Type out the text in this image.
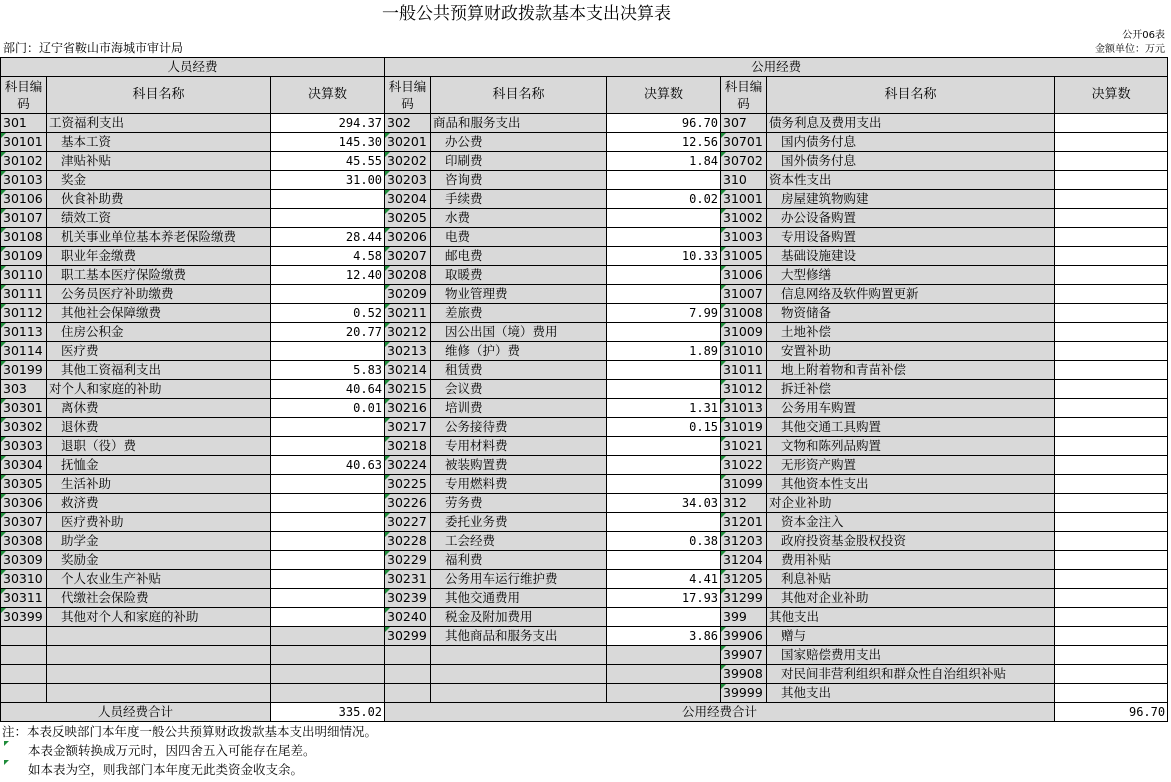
一般公共预算财政拨款基本支出决算表
公开06表
部门：辽宁省鞍山市海城市审计局	金额单位：万元
人员经费			公用经费					
科目编码	科目名称	决算数	科目编码	科目名称	决算数	科目编码	科目名称	决算数
301	工资福利支出	294.37	302	商品和服务支出	96.70	307	债务利息及费用支出	
30101	基本工资	145.30	30201	办公费	12.56	30701	国内债务付息	
30102	津贴补贴	45.55	30202	印刷费	1.84	30702	国外债务付息	
30103	奖金	31.00	30203	咨询费		310	资本性支出	
30106	伙食补助费		30204	手续费	0.02	31001	房屋建筑物购建	
30107	绩效工资		30205	水费		31002	办公设备购置	
30108	机关事业单位基本养老保险缴费	28.44	30206	电费		31003	专用设备购置	
30109	职业年金缴费	4.58	30207	邮电费	10.33	31005	基础设施建设	
30110	职工基本医疗保险缴费	12.40	30208	取暖费		31006	大型修缮	
30111	公务员医疗补助缴费		30209	物业管理费		31007	信息网络及软件购置更新	
30112	其他社会保障缴费	0.52	30211	差旅费	7.99	31008	物资储备	
30113	住房公积金	20.77	30212	因公出国（境）费用		31009	土地补偿	
30114	医疗费		30213	维修（护）费	1.89	31010	安置补助	
30199	其他工资福利支出	5.83	30214	租赁费		31011	地上附着物和青苗补偿	
303	对个人和家庭的补助	40.64	30215	会议费		31012	拆迁补偿	
30301	离休费	0.01	30216	培训费	1.31	31013	公务用车购置	
30302	退休费		30217	公务接待费	0.15	31019	其他交通工具购置	
30303	退职（役）费		30218	专用材料费		31021	文物和陈列品购置	
30304	抚恤金	40.63	30224	被装购置费		31022	无形资产购置	
30305	生活补助		30225	专用燃料费		31099	其他资本性支出	
30306	救济费		30226	劳务费	34.03	312	对企业补助	
30307	医疗费补助		30227	委托业务费		31201	资本金注入	
30308	助学金		30228	工会经费	0.38	31203	政府投资基金股权投资	
30309	奖励金		30229	福利费		31204	费用补贴	
30310	个人农业生产补贴		30231	公务用车运行维护费	4.41	31205	利息补贴	
30311	代缴社会保险费		30239	其他交通费用	17.93	31299	其他对企业补助	
30399	其他对个人和家庭的补助		30240	税金及附加费用		399	其他支出	
			30299	其他商品和服务支出	3.86	39906	赠与	
						39907	国家赔偿费用支出	
						39908	对民间非营利组织和群众性自治组织补贴	
						39999	其他支出	
人员经费合计		335.02	公用经费合计					96.70
注：本表反映部门本年度一般公共预算财政拨款基本支出明细情况。
本表金额转换成万元时，因四舍五入可能存在尾差。
如本表为空，则我部门本年度无此类资金收支余。
